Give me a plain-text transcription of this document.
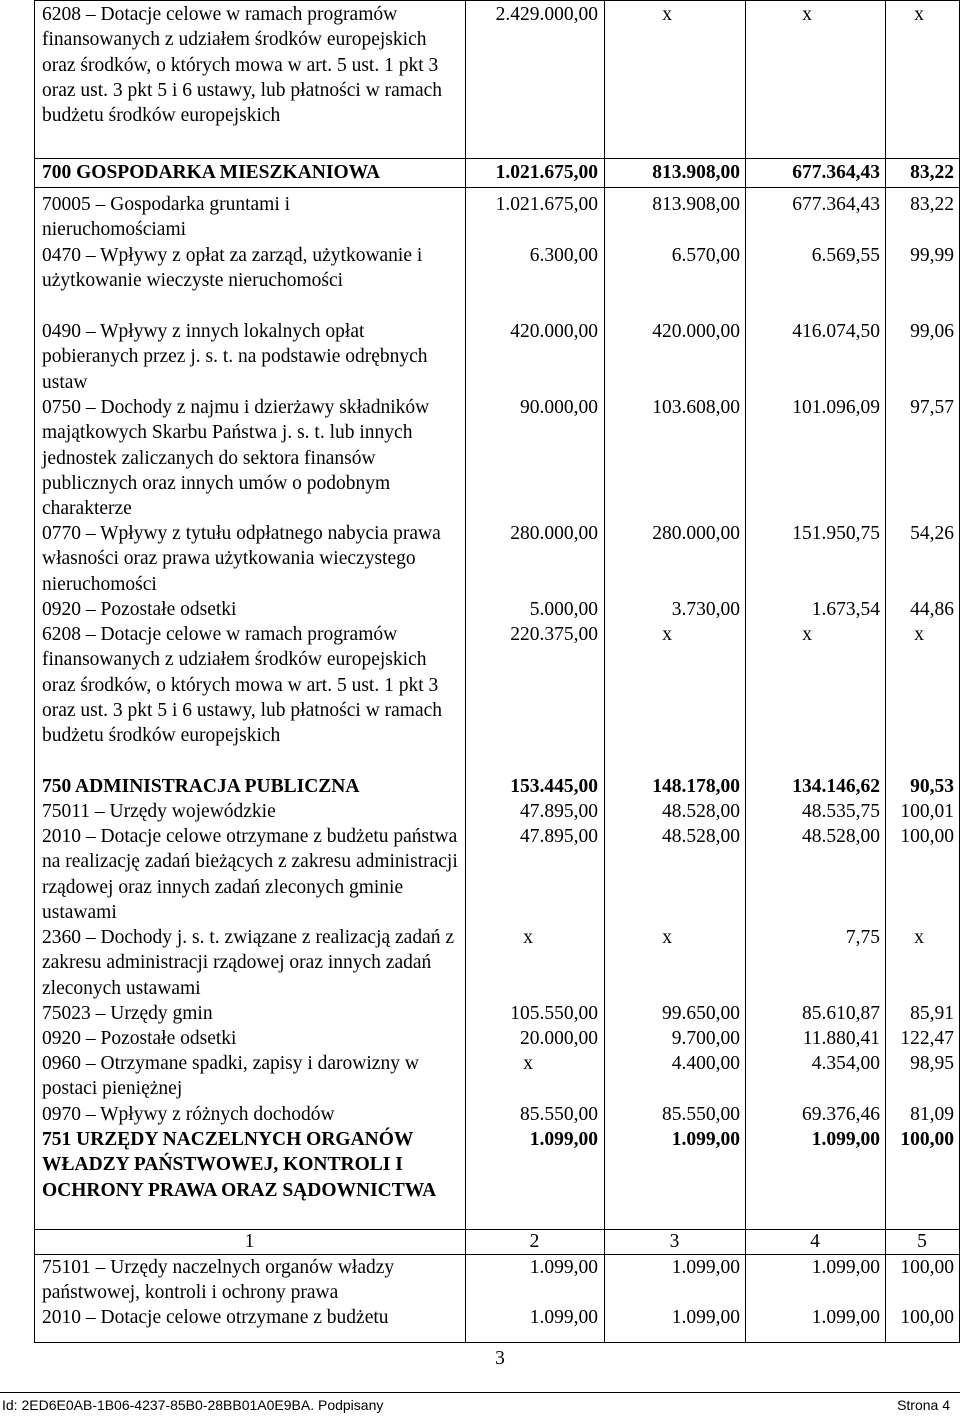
6208 – Dotacje celowe w ramach programów finansowanych z udziałem środków europejskich oraz środków, o których mowa w art. 5 ust. 1 pkt 3 oraz ust. 3 pkt 5 i 6 ustawy, lub płatności w ramach budżetu środków europejskich
2.429.000,00	x	x	x
700 GOSPODARKA MIESZKANIOWA	1.021.675,00	813.908,00	677.364,43 83,22
70005 – Gospodarka gruntami i nieruchomościami
1.021.675,00	813.908,00	677.364,43 83,22
0470 – Wpływy z opłat za zarząd, użytkowanie i użytkowanie wieczyste nieruchomości
6.300,00	6.570,00	6.569,55 99,99
0490 – Wpływy z innych lokalnych opłat pobieranych przez j. s. t. na podstawie odrębnych ustaw
420.000,00	420.000,00	416.074,50 99,06
0750 – Dochody z najmu i dzierżawy składników majątkowych Skarbu Państwa j. s. t. lub innych jednostek zaliczanych do sektora finansów publicznych oraz innych umów o podobnym charakterze
90.000,00	103.608,00	101.096,09 97,57
0770 – Wpływy z tytułu odpłatnego nabycia prawa własności oraz prawa użytkowania wieczystego nieruchomości
280.000,00	280.000,00	151.950,75 54,26
0920 – Pozostałe odsetki	5.000,00	3.730,00	1.673,54 44,86
6208 – Dotacje celowe w ramach programów finansowanych z udziałem środków europejskich oraz środków, o których mowa w art. 5 ust. 1 pkt 3 oraz ust. 3 pkt 5 i 6 ustawy, lub płatności w ramach budżetu środków europejskich
220.375,00	x	x	x
750 ADMINISTRACJA PUBLICZNA	153.445,00	148.178,00	134.146,62 90,53
75011 – Urzędy wojewódzkie	47.895,00	48.528,00	48.535,75 100,01
2010 – Dotacje celowe otrzymane z budżetu państwa na realizację zadań bieżących z zakresu administracji rządowej oraz innych zadań zleconych gminie ustawami
47.895,00	48.528,00	48.528,00 100,00
2360 – Dochody j. s. t. związane z realizacją zadań z zakresu administracji rządowej oraz innych zadań zleconych ustawami
x	x	7,75 x
75023 – Urzędy gmin	105.550,00	99.650,00	85.610,87 85,91
0920 – Pozostałe odsetki	20.000,00	9.700,00	11.880,41 122,47
0960 – Otrzymane spadki, zapisy i darowizny w postaci pieniężnej
x	4.400,00	4.354,00 98,95
0970 – Wpływy z różnych dochodów	85.550,00	85.550,00	69.376,46 81,09
751 URZĘDY NACZELNYCH ORGANÓW WŁADZY PAŃSTWOWEJ, KONTROLI I OCHRONY PRAWA ORAZ SĄDOWNICTWA
1.099,00	1.099,00	1.099,00 100,00
1	2	3	4	5
75101 – Urzędy naczelnych organów władzy państwowej, kontroli i ochrony prawa
1.099,00	1.099,00	1.099,00 100,00
2010 – Dotacje celowe otrzymane z budżetu	1.099,00	1.099,00	1.099,00 100,00
3
Id: 2ED6E0AB-1B06-4237-85B0-28BB01A0E9BA. Podpisany	Strona 4
